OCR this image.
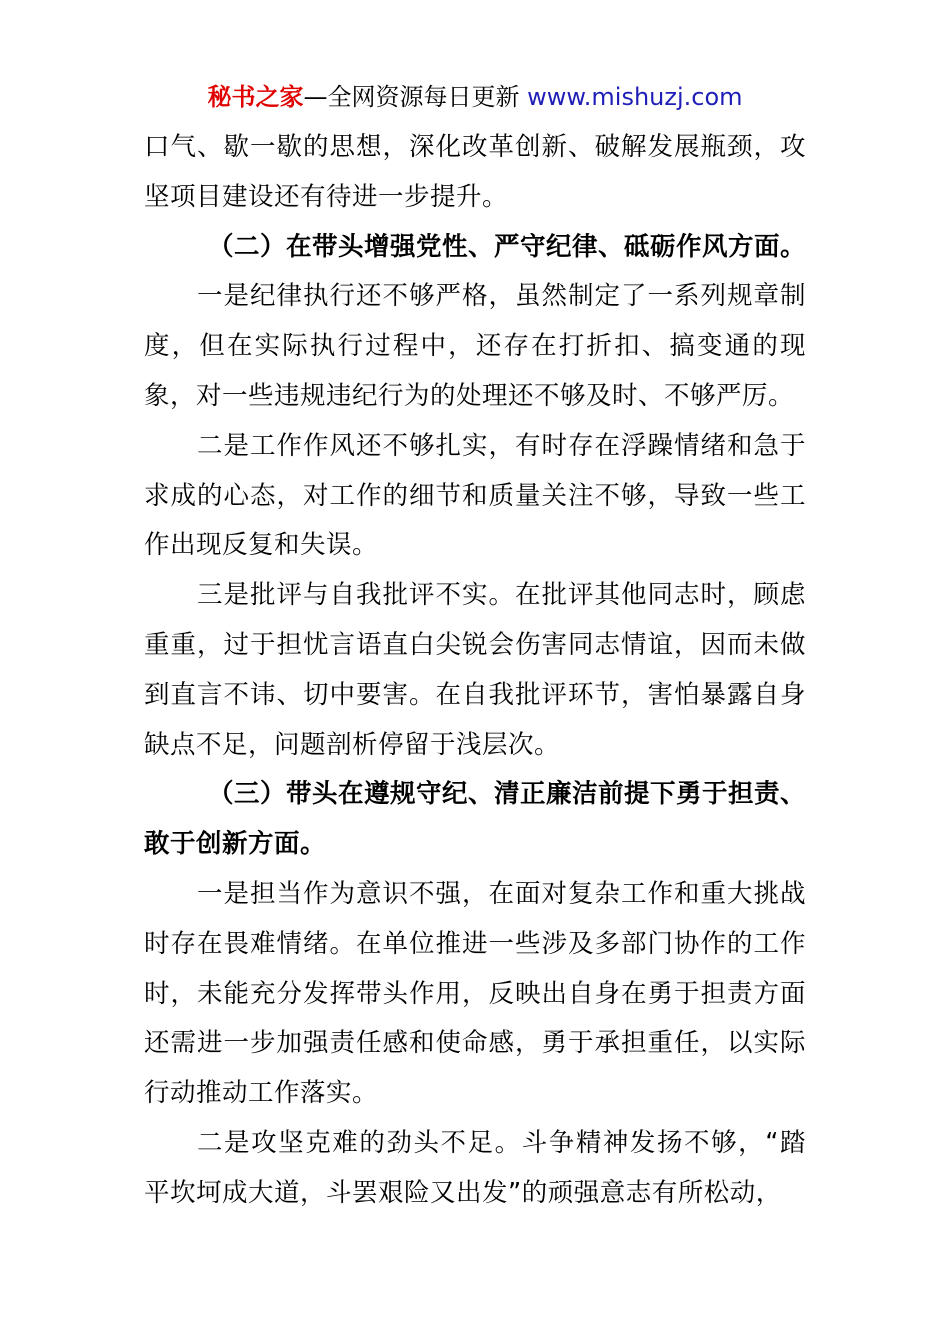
秘书之家—全网资源每日更新 www.mishuzj.com

口气、歇一歇的思想，深化改革创新、破解发展瓶颈，攻坚项目建设还有待进一步提升。

（二）在带头增强党性、严守纪律、砥砺作风方面。

一是纪律执行还不够严格，虽然制定了一系列规章制度，但在实际执行过程中，还存在打折扣、搞变通的现象，对一些违规违纪行为的处理还不够及时、不够严厉。

二是工作作风还不够扎实，有时存在浮躁情绪和急于求成的心态，对工作的细节和质量关注不够，导致一些工作出现反复和失误。

三是批评与自我批评不实。在批评其他同志时，顾虑重重，过于担忧言语直白尖锐会伤害同志情谊，因而未做到直言不讳、切中要害。在自我批评环节，害怕暴露自身缺点不足，问题剖析停留于浅层次。

（三）带头在遵规守纪、清正廉洁前提下勇于担责、敢于创新方面。

一是担当作为意识不强，在面对复杂工作和重大挑战时存在畏难情绪。在单位推进一些涉及多部门协作的工作时，未能充分发挥带头作用，反映出自身在勇于担责方面还需进一步加强责任感和使命感，勇于承担重任，以实际行动推动工作落实。

二是攻坚克难的劲头不足。斗争精神发扬不够，“踏平坎坷成大道，斗罢艰险又出发”的顽强意志有所松动，
